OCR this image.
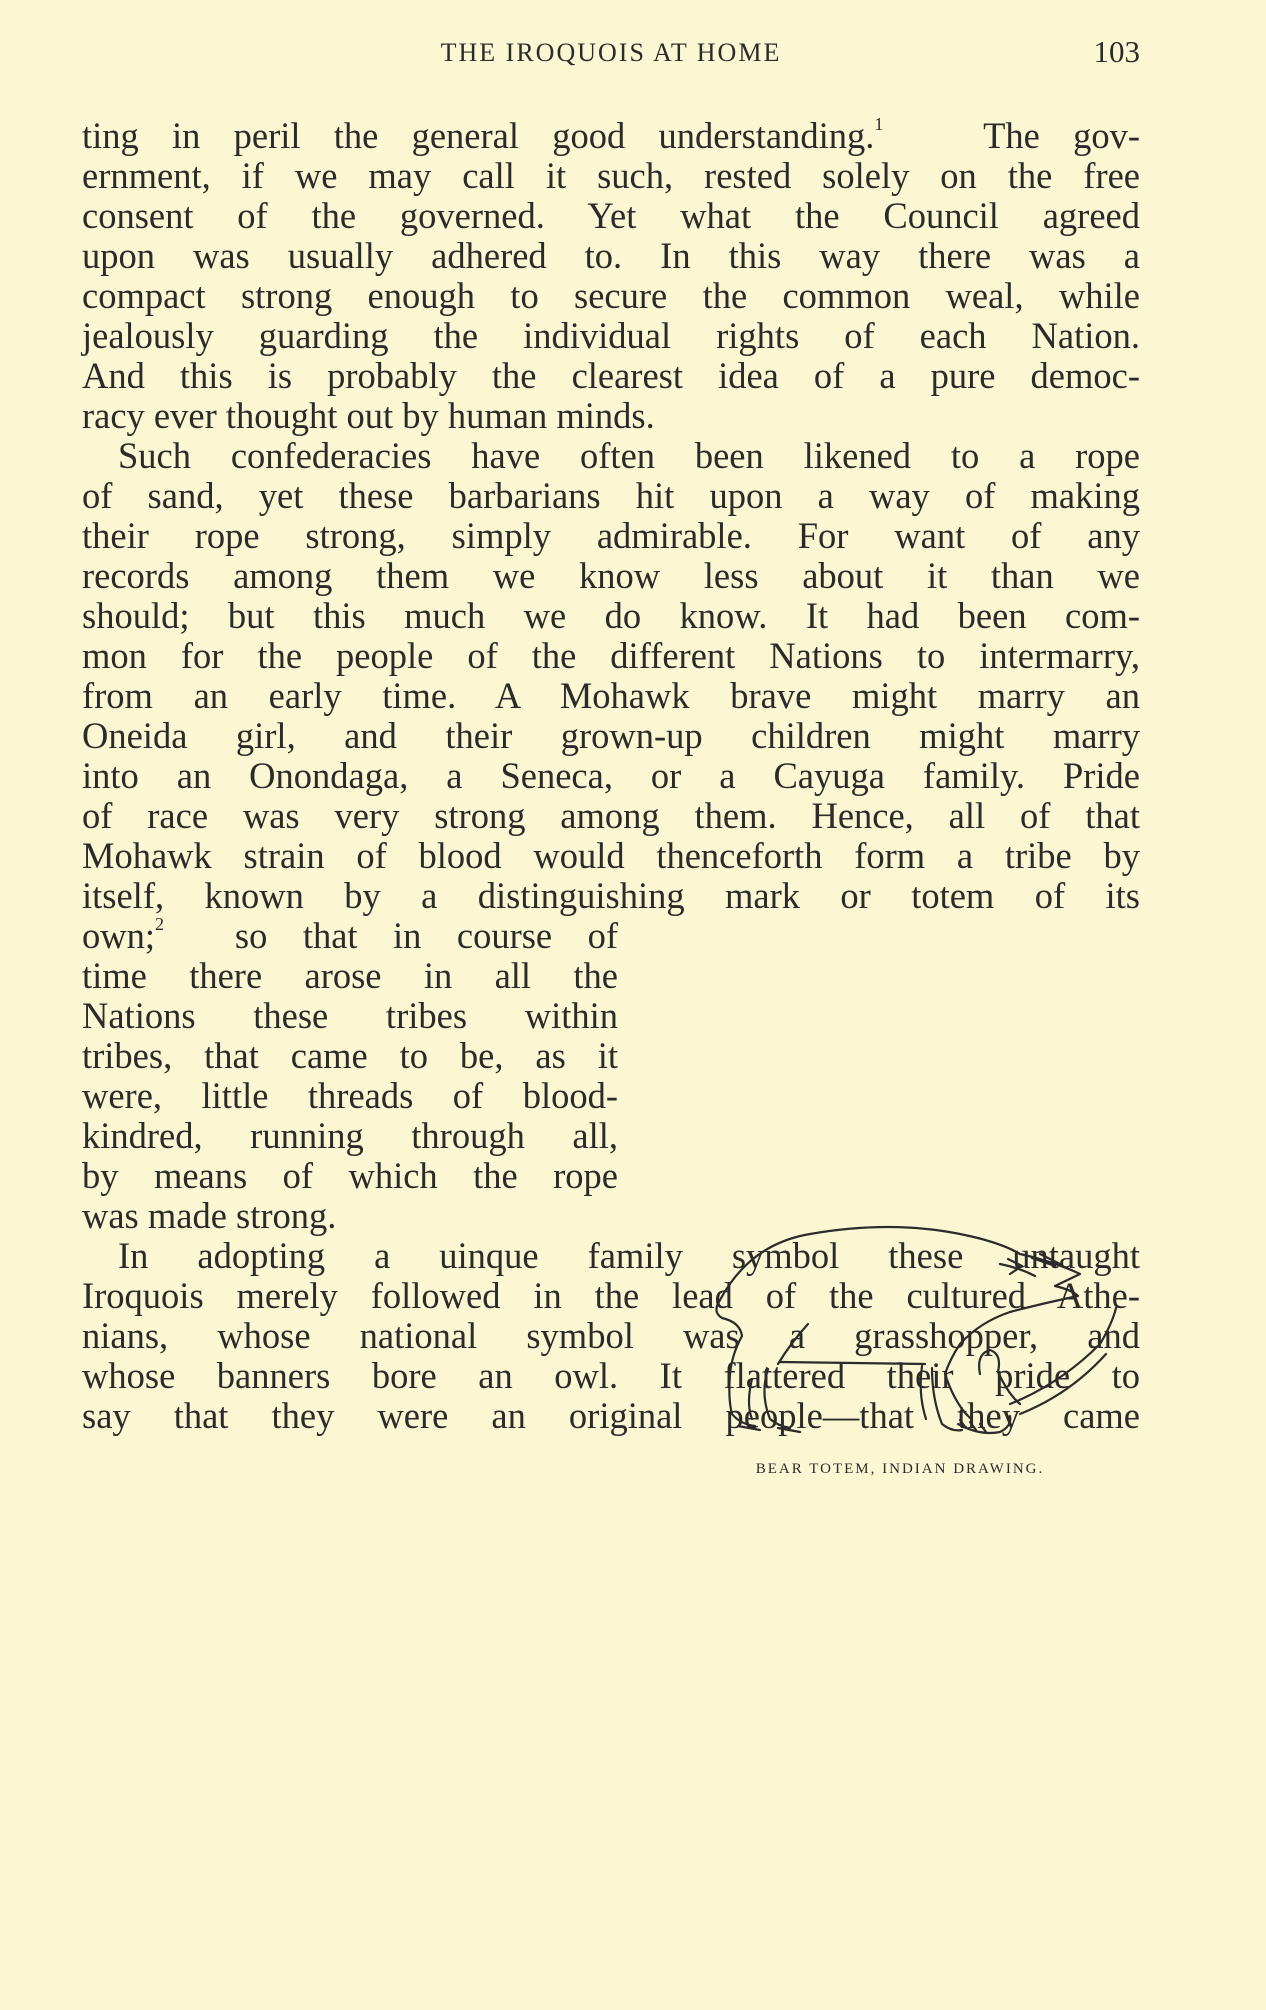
THE IROQUOIS AT HOME	103
ting in peril the general good understanding.$^1$	The gov-
ernment, if we may call it such, rested solely on the free
consent of the governed. Yet what the Council agreed
upon was usually adhered to. In this way there was a
compact strong enough to secure the common weal, while
jealously guarding the individual rights of each Nation.
And this is probably the clearest idea of a pure democ-
racy ever thought out by human minds.
Such confederacies have often been likened to a rope
of sand, yet these barbarians hit upon a way of making
their rope strong, simply admirable. For want of any
records among them we know less about it than we
should; but this much we do know. It had been com-
mon for the people of the different Nations to intermarry,
from an early time. A Mohawk brave might marry an
Oneida girl, and their grown-up children might marry
into an Onondaga, a Seneca, or a Cayuga family. Pride
of race was very strong among them. Hence, all of that
Mohawk strain of blood would thenceforth form a tribe by
itself, known by a distinguishing mark or totem of its
own;$^2$ so that in course of
time there arose in all the
Nations these tribes within
tribes, that came to be, as it
were, little threads of blood-
kindred, running through all,
by means of which the rope
was made strong.
In adopting a uinque family symbol these untaught
Iroquois merely followed in the lead of the cultured Athe-
nians, whose national symbol was a grasshopper, and
whose banners bore an owl. It flattered their pride to
say that they were an original people—that they came
BEAR TOTEM, INDIAN DRAWING.
